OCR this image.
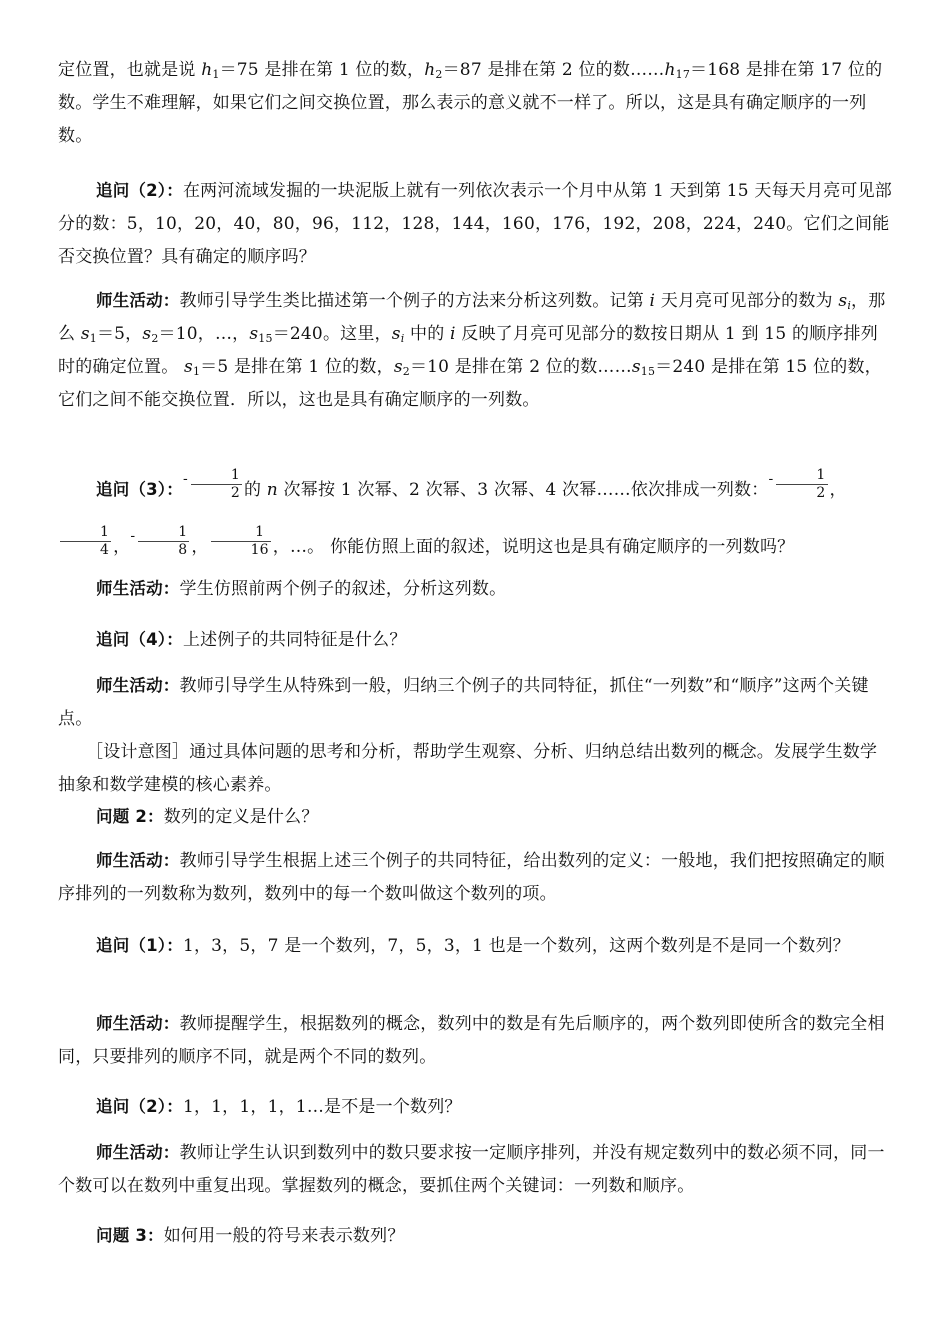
定位置，也就是说 $h_1=75$ 是排在第 1 位的数，$h_2=87$ 是排在第 2 位的数$\dots\dots h_{17}=168$ 是排在第 17 位的数。学生不难理解，如果它们之间交换位置，那么表示的意义就不一样了。所以，这是具有确定顺序的一列数。

追问（2）：在两河流域发掘的一块泥版上就有一列依次表示一个月中从第 1 天到第 15 天每天月亮可见部分的数：5，10，20，40，80，96，112，128，144，160，176，192，208，224，240。它们之间能否交换位置？具有确定的顺序吗？

师生活动：教师引导学生类比描述第一个例子的方法来分析这列数。记第 i 天月亮可见部分的数为 $s_i$，那么 $s_1=5$，$s_2=10$，…，$s_{15}=240$。这里，$s_i$ 中的 i 反映了月亮可见部分的数按日期从 1 到 15 的顺序排列时的确定位置。 $s_1=5$ 是排在第 1 位的数，$s_2=10$ 是排在第 2 位的数$\dots\dots s_{15}=240$ 是排在第 15 位的数，它们之间不能交换位置．所以，这也是具有确定顺序的一列数。

追问（3）：$^- \frac{1}{2}$ 的 n 次幂按 1 次幂、2 次幂、3 次幂、4 次幂……依次排成一列数：$^- \frac{1}{2}$ ，
$\frac{1}{4}$ ，$^- \frac{1}{8}$ ， $\frac{1}{16}$ ，…。 你能仿照上面的叙述，说明这也是具有确定顺序的一列数吗？

师生活动：学生仿照前两个例子的叙述，分析这列数。

追问（4）：上述例子的共同特征是什么？

师生活动：教师引导学生从特殊到一般，归纳三个例子的共同特征，抓住“一列数”和“顺序”这两个关键点。

［设计意图］通过具体问题的思考和分析，帮助学生观察、分析、归纳总结出数列的概念。发展学生数学抽象和数学建模的核心素养。

问题 2：数列的定义是什么？

师生活动：教师引导学生根据上述三个例子的共同特征，给出数列的定义：一般地，我们把按照确定的顺序排列的一列数称为数列，数列中的每一个数叫做这个数列的项。

追问（1）：1，3，5，7 是一个数列，7，5，3，1 也是一个数列，这两个数列是不是同一个数列？

师生活动：教师提醒学生，根据数列的概念，数列中的数是有先后顺序的，两个数列即使所含的数完全相同，只要排列的顺序不同，就是两个不同的数列。

追问（2）：1，1，1，1，1…是不是一个数列？

师生活动：教师让学生认识到数列中的数只要求按一定顺序排列，并没有规定数列中的数必须不同，同一个数可以在数列中重复出现。掌握数列的概念，要抓住两个关键词：一列数和顺序。

问题 3：如何用一般的符号来表示数列？
